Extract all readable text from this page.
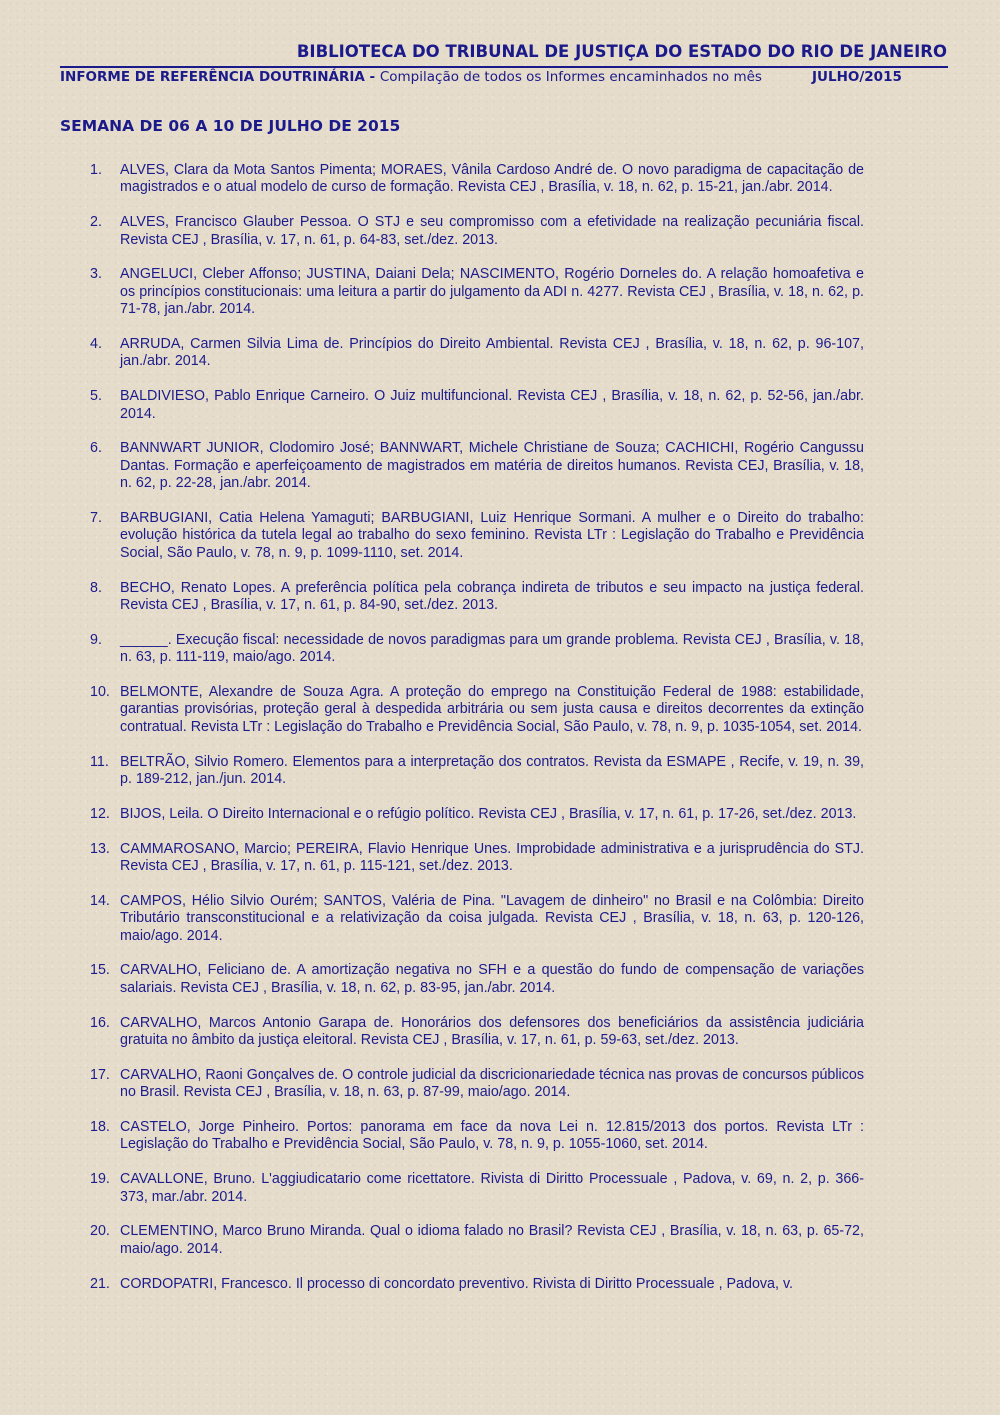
BIBLIOTECA DO TRIBUNAL DE JUSTIÇA DO ESTADO DO RIO DE JANEIRO
INFORME DE REFERÊNCIA DOUTRINÁRIA - Compilação de todos os Informes encaminhados no mês	JULHO/2015
SEMANA DE 06 A 10 DE JULHO DE 2015
1. ALVES, Clara da Mota Santos Pimenta; MORAES, Vânila Cardoso André de. O novo paradigma de capacitação de magistrados e o atual modelo de curso de formação. Revista CEJ , Brasília, v. 18, n. 62, p. 15-21, jan./abr. 2014.
2. ALVES, Francisco Glauber Pessoa. O STJ e seu compromisso com a efetividade na realização pecuniária fiscal. Revista CEJ , Brasília, v. 17, n. 61, p. 64-83, set./dez. 2013.
3. ANGELUCI, Cleber Affonso; JUSTINA, Daiani Dela; NASCIMENTO, Rogério Dorneles do. A relação homoafetiva e os princípios constitucionais: uma leitura a partir do julgamento da ADI n. 4277. Revista CEJ , Brasília, v. 18, n. 62, p. 71-78, jan./abr. 2014.
4. ARRUDA, Carmen Silvia Lima de. Princípios do Direito Ambiental. Revista CEJ , Brasília, v. 18, n. 62, p. 96-107, jan./abr. 2014.
5. BALDIVIESO, Pablo Enrique Carneiro. O Juiz multifuncional. Revista CEJ , Brasília, v. 18, n. 62, p. 52-56, jan./abr. 2014.
6. BANNWART JUNIOR, Clodomiro José; BANNWART, Michele Christiane de Souza; CACHICHI, Rogério Cangussu Dantas. Formação e aperfeiçoamento de magistrados em matéria de direitos humanos. Revista CEJ, Brasília, v. 18, n. 62, p. 22-28, jan./abr. 2014.
7. BARBUGIANI, Catia Helena Yamaguti; BARBUGIANI, Luiz Henrique Sormani. A mulher e o Direito do trabalho: evolução histórica da tutela legal ao trabalho do sexo feminino. Revista LTr : Legislação do Trabalho e Previdência Social, São Paulo, v. 78, n. 9, p. 1099-1110, set. 2014.
8. BECHO, Renato Lopes. A preferência política pela cobrança indireta de tributos e seu impacto na justiça federal. Revista CEJ , Brasília, v. 17, n. 61, p. 84-90, set./dez. 2013.
9. ______. Execução fiscal: necessidade de novos paradigmas para um grande problema. Revista CEJ , Brasília, v. 18, n. 63, p. 111-119, maio/ago. 2014.
10. BELMONTE, Alexandre de Souza Agra. A proteção do emprego na Constituição Federal de 1988: estabilidade, garantias provisórias, proteção geral à despedida arbitrária ou sem justa causa e direitos decorrentes da extinção contratual. Revista LTr : Legislação do Trabalho e Previdência Social, São Paulo, v. 78, n. 9, p. 1035-1054, set. 2014.
11. BELTRÃO, Silvio Romero. Elementos para a interpretação dos contratos. Revista da ESMAPE , Recife, v. 19, n. 39, p. 189-212, jan./jun. 2014.
12. BIJOS, Leila. O Direito Internacional e o refúgio político. Revista CEJ , Brasília, v. 17, n. 61, p. 17-26, set./dez. 2013.
13. CAMMAROSANO, Marcio; PEREIRA, Flavio Henrique Unes. Improbidade administrativa e a jurisprudência do STJ. Revista CEJ , Brasília, v. 17, n. 61, p. 115-121, set./dez. 2013.
14. CAMPOS, Hélio Silvio Ourém; SANTOS, Valéria de Pina. "Lavagem de dinheiro" no Brasil e na Colômbia: Direito Tributário transconstitucional e a relativização da coisa julgada. Revista CEJ , Brasília, v. 18, n. 63, p. 120-126, maio/ago. 2014.
15. CARVALHO, Feliciano de. A amortização negativa no SFH e a questão do fundo de compensação de variações salariais. Revista CEJ , Brasília, v. 18, n. 62, p. 83-95, jan./abr. 2014.
16. CARVALHO, Marcos Antonio Garapa de. Honorários dos defensores dos beneficiários da assistência judiciária gratuita no âmbito da justiça eleitoral. Revista CEJ , Brasília, v. 17, n. 61, p. 59-63, set./dez. 2013.
17. CARVALHO, Raoni Gonçalves de. O controle judicial da discricionariedade técnica nas provas de concursos públicos no Brasil. Revista CEJ , Brasília, v. 18, n. 63, p. 87-99, maio/ago. 2014.
18. CASTELO, Jorge Pinheiro. Portos: panorama em face da nova Lei n. 12.815/2013 dos portos. Revista LTr : Legislação do Trabalho e Previdência Social, São Paulo, v. 78, n. 9, p. 1055-1060, set. 2014.
19. CAVALLONE, Bruno. L'aggiudicatario come ricettatore. Rivista di Diritto Processuale , Padova, v. 69, n. 2, p. 366-373, mar./abr. 2014.
20. CLEMENTINO, Marco Bruno Miranda. Qual o idioma falado no Brasil? Revista CEJ , Brasília, v. 18, n. 63, p. 65-72, maio/ago. 2014.
21. CORDOPATRI, Francesco. Il processo di concordato preventivo. Rivista di Diritto Processuale , Padova, v.
